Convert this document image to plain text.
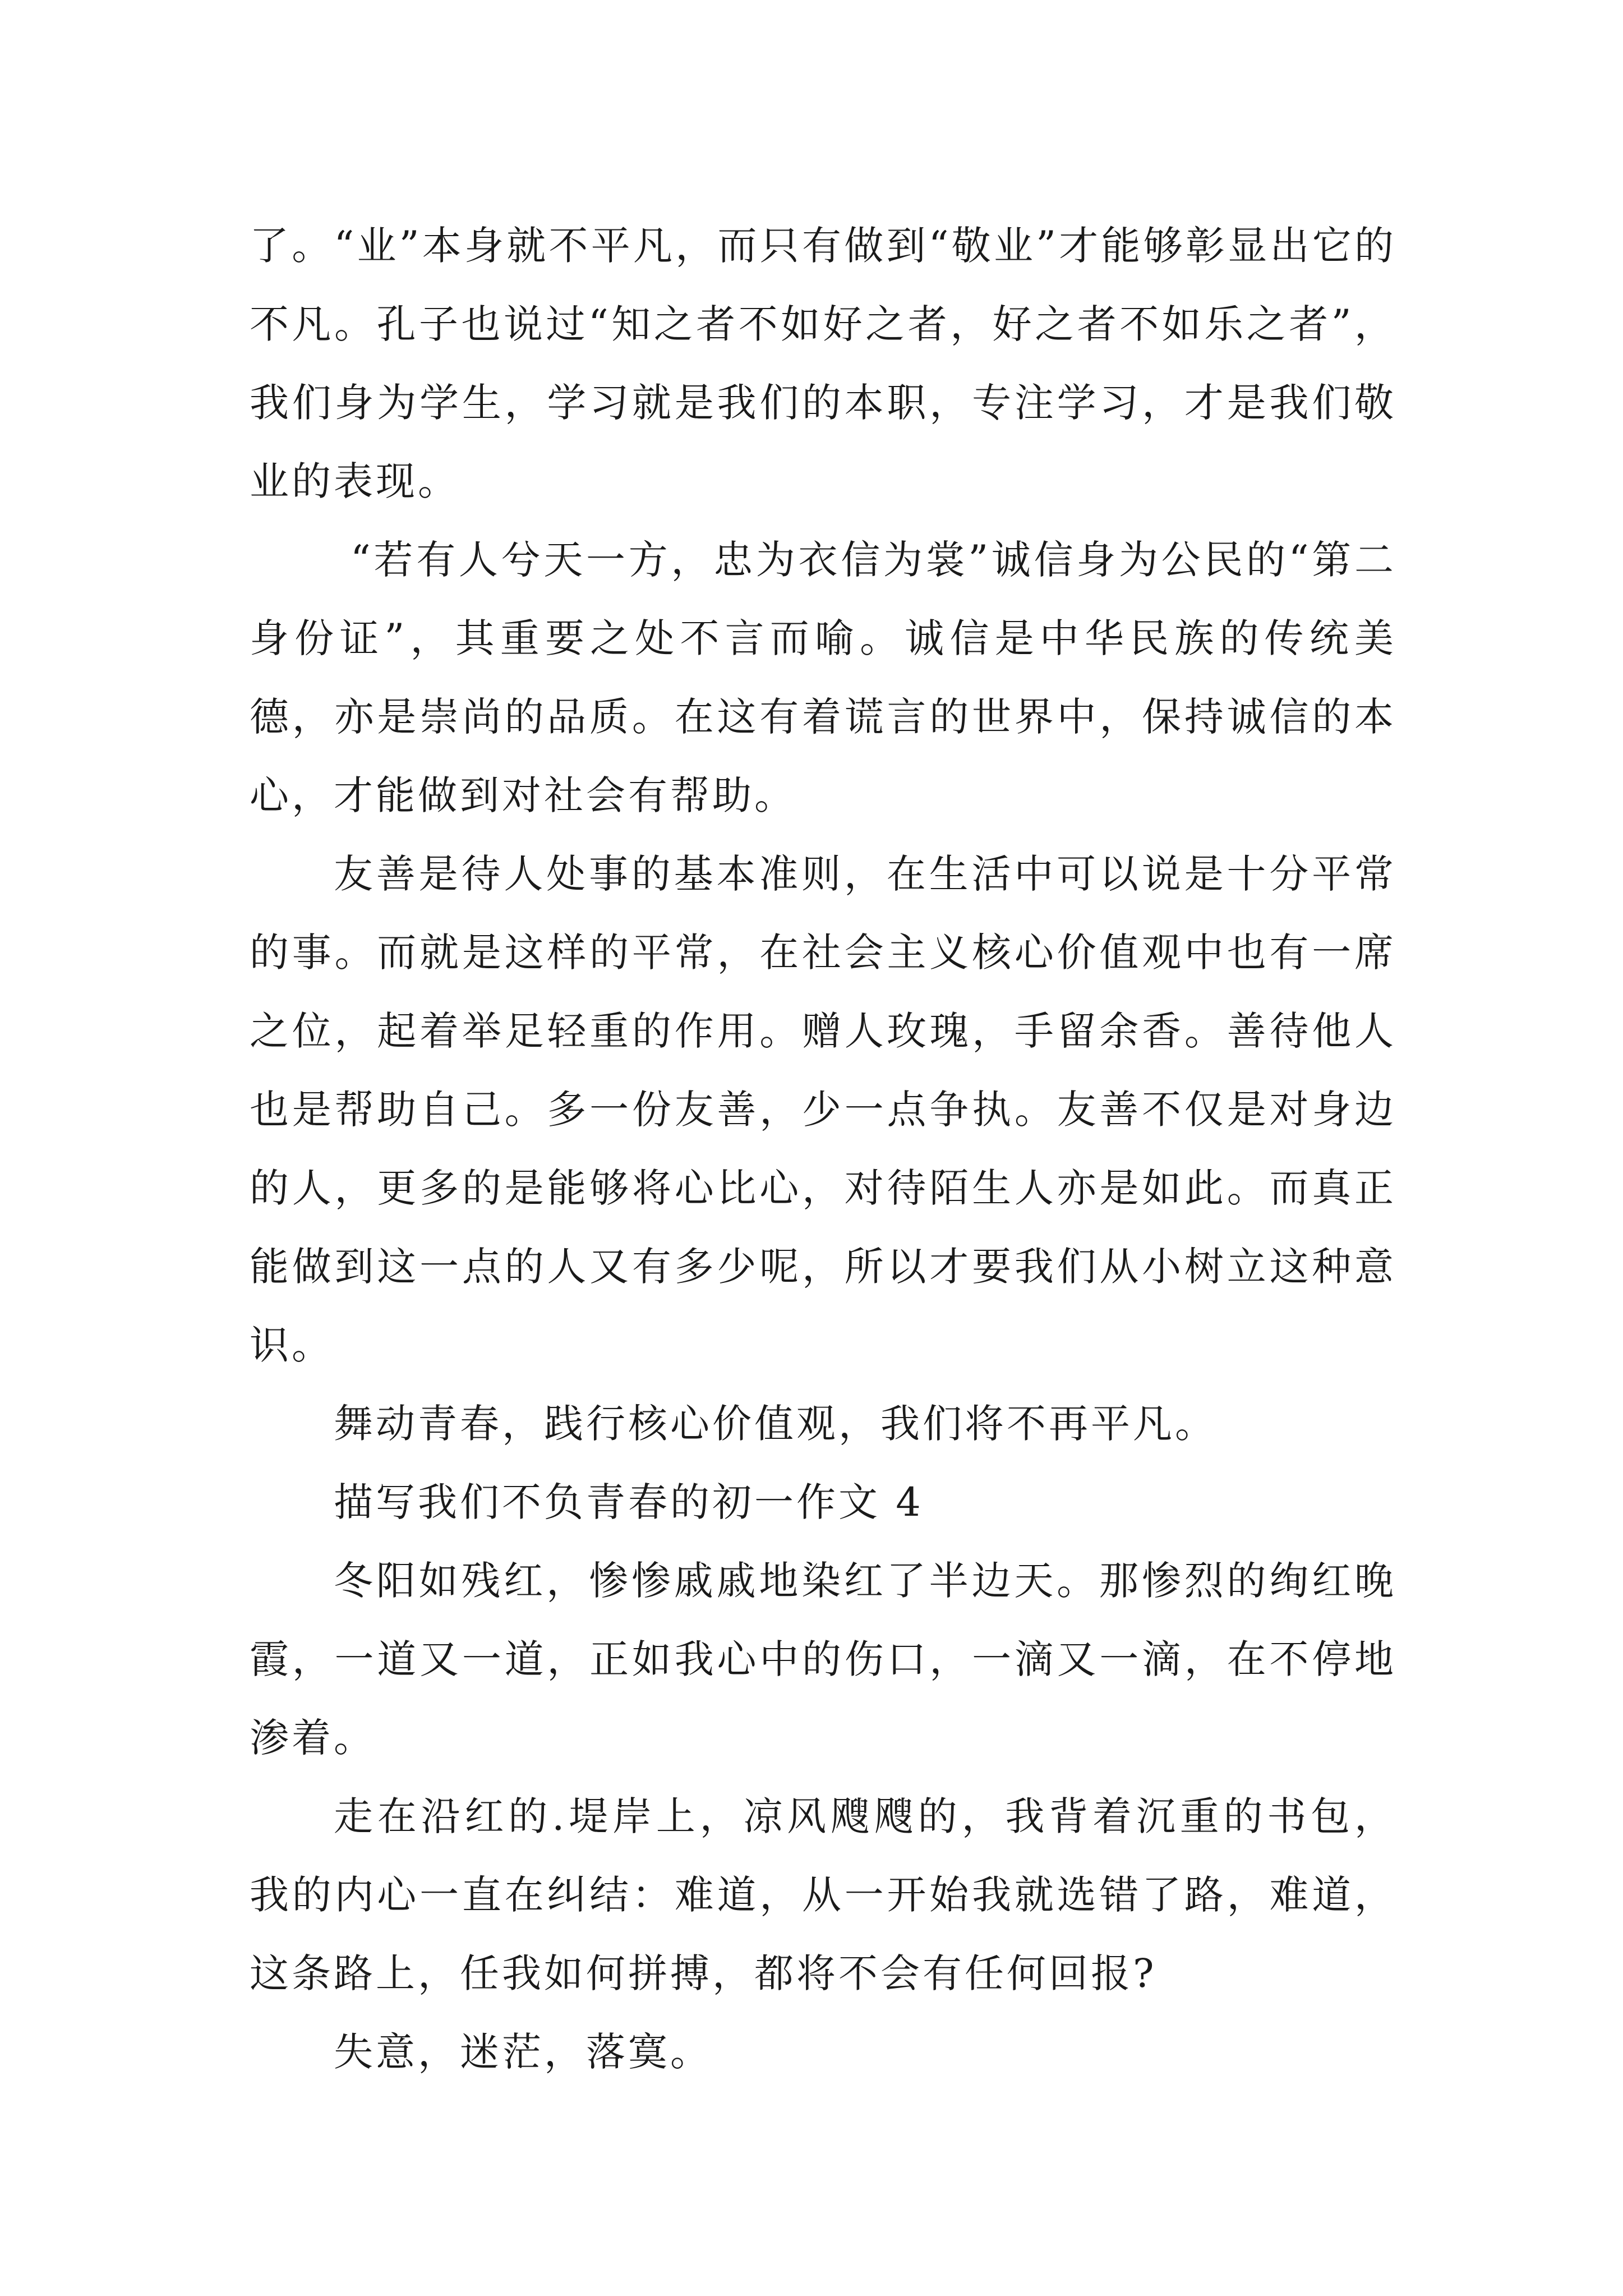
了。“业”本身就不平凡，而只有做到“敬业”才能够彰显出它的不凡。孔子也说过“知之者不如好之者，好之者不如乐之者”，我们身为学生，学习就是我们的本职，专注学习，才是我们敬业的表现。

“若有人兮天一方，忠为衣信为裳”诚信身为公民的“第二身份证”，其重要之处不言而喻。诚信是中华民族的传统美德，亦是崇尚的品质。在这有着谎言的世界中，保持诚信的本心，才能做到对社会有帮助。

友善是待人处事的基本准则，在生活中可以说是十分平常的事。而就是这样的平常，在社会主义核心价值观中也有一席之位，起着举足轻重的作用。赠人玫瑰，手留余香。善待他人也是帮助自己。多一份友善，少一点争执。友善不仅是对身边的人，更多的是能够将心比心，对待陌生人亦是如此。而真正能做到这一点的人又有多少呢，所以才要我们从小树立这种意识。

舞动青春，践行核心价值观，我们将不再平凡。

描写我们不负青春的初一作文 4

冬阳如残红，惨惨戚戚地染红了半边天。那惨烈的绚红晚霞，一道又一道，正如我心中的伤口，一滴又一滴，在不停地渗着。

走在沿红的.堤岸上，凉风飕飕的，我背着沉重的书包，我的内心一直在纠结：难道，从一开始我就选错了路，难道，这条路上，任我如何拼搏，都将不会有任何回报?

失意，迷茫，落寞。
